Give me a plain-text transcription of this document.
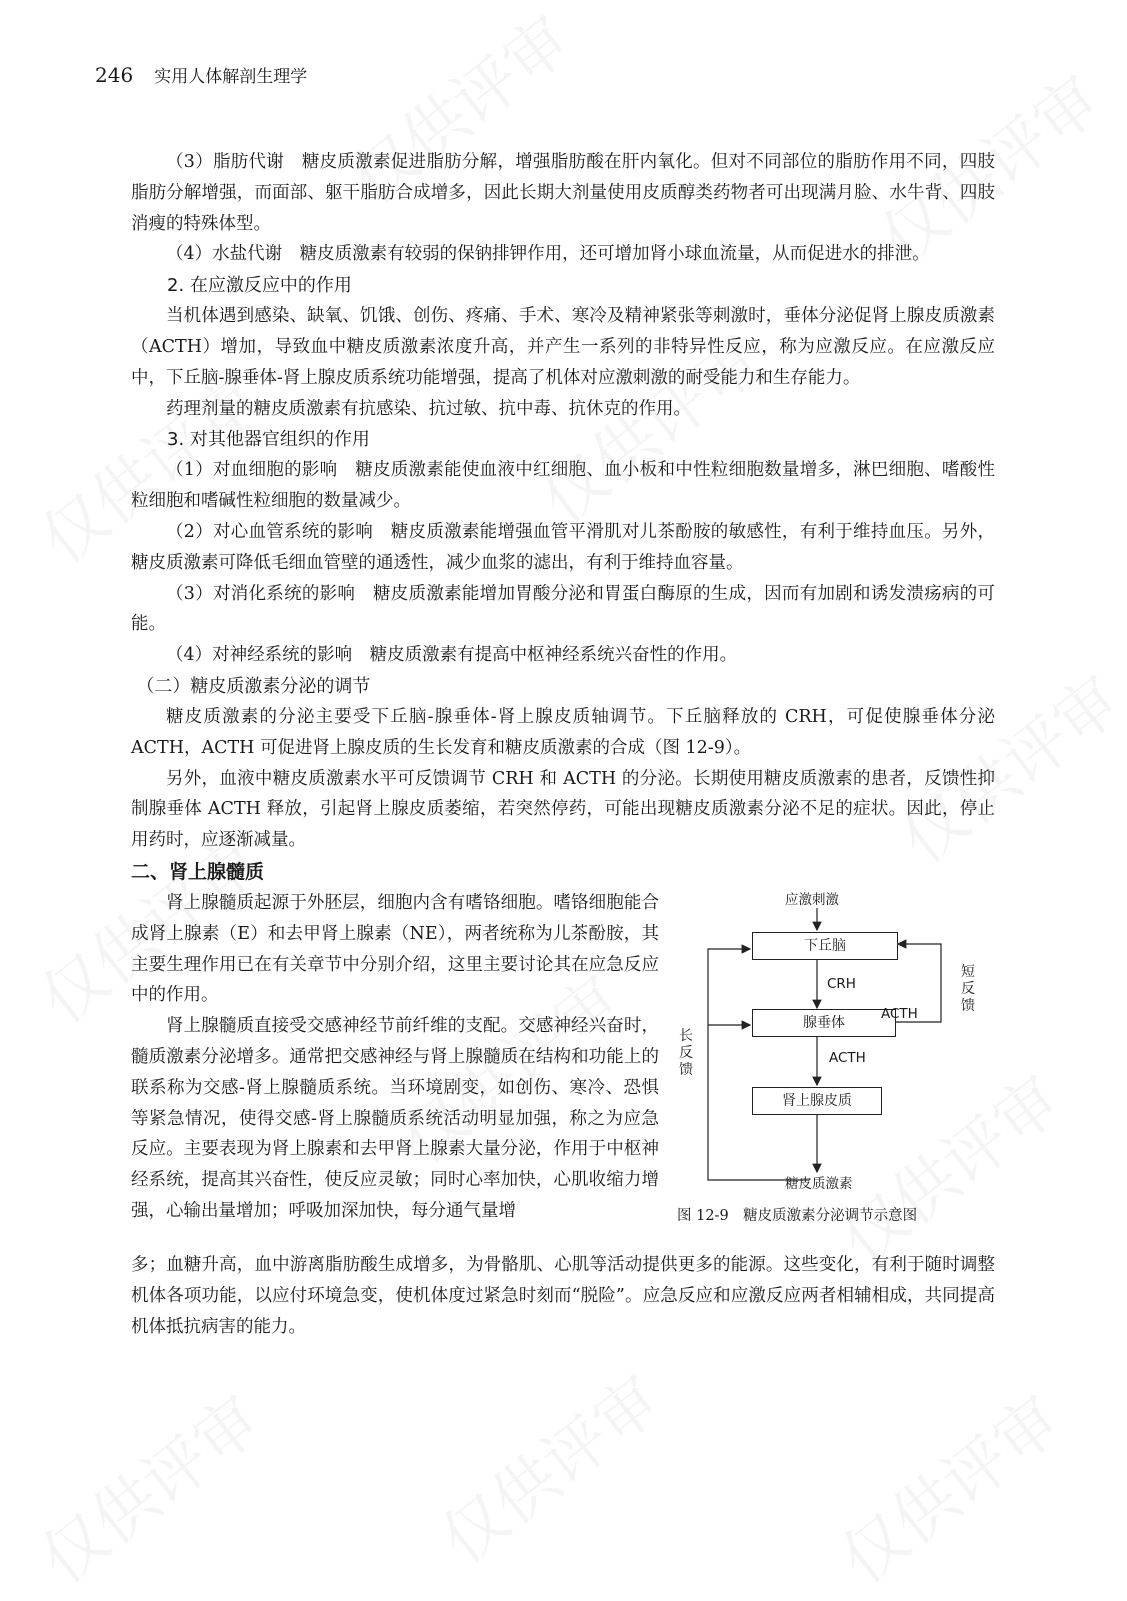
246 实用人体解剖生理学

（3）脂肪代谢　糖皮质激素促进脂肪分解，增强脂肪酸在肝内氧化。但对不同部位的脂肪作用不同，四肢脂肪分解增强，而面部、躯干脂肪合成增多，因此长期大剂量使用皮质醇类药物者可出现满月脸、水牛背、四肢消瘦的特殊体型。

（4）水盐代谢　糖皮质激素有较弱的保钠排钾作用，还可增加肾小球血流量，从而促进水的排泄。

2. 在应激反应中的作用

当机体遇到感染、缺氧、饥饿、创伤、疼痛、手术、寒冷及精神紧张等刺激时，垂体分泌促肾上腺皮质激素（ACTH）增加，导致血中糖皮质激素浓度升高，并产生一系列的非特异性反应，称为应激反应。在应激反应中，下丘脑-腺垂体-肾上腺皮质系统功能增强，提高了机体对应激刺激的耐受能力和生存能力。

药理剂量的糖皮质激素有抗感染、抗过敏、抗中毒、抗休克的作用。

3. 对其他器官组织的作用

（1）对血细胞的影响　糖皮质激素能使血液中红细胞、血小板和中性粒细胞数量增多，淋巴细胞、嗜酸性粒细胞和嗜碱性粒细胞的数量减少。

（2）对心血管系统的影响　糖皮质激素能增强血管平滑肌对儿茶酚胺的敏感性，有利于维持血压。另外，糖皮质激素可降低毛细血管壁的通透性，减少血浆的滤出，有利于维持血容量。

（3）对消化系统的影响　糖皮质激素能增加胃酸分泌和胃蛋白酶原的生成，因而有加剧和诱发溃疡病的可能。

（4）对神经系统的影响　糖皮质激素有提高中枢神经系统兴奋性的作用。

（二）糖皮质激素分泌的调节

糖皮质激素的分泌主要受下丘脑-腺垂体-肾上腺皮质轴调节。下丘脑释放的 CRH，可促使腺垂体分泌 ACTH，ACTH 可促进肾上腺皮质的生长发育和糖皮质激素的合成（图 12-9）。

另外，血液中糖皮质激素水平可反馈调节 CRH 和 ACTH 的分泌。长期使用糖皮质激素的患者，反馈性抑制腺垂体 ACTH 释放，引起肾上腺皮质萎缩，若突然停药，可能出现糖皮质激素分泌不足的症状。因此，停止用药时，应逐渐减量。

二、肾上腺髓质

肾上腺髓质起源于外胚层，细胞内含有嗜铬细胞。嗜铬细胞能合成肾上腺素（E）和去甲肾上腺素（NE），两者统称为儿茶酚胺，其主要生理作用已在有关章节中分别介绍，这里主要讨论其在应急反应中的作用。

肾上腺髓质直接受交感神经节前纤维的支配。交感神经兴奋时，髓质激素分泌增多。通常把交感神经与肾上腺髓质在结构和功能上的联系称为交感-肾上腺髓质系统。当环境剧变，如创伤、寒冷、恐惧等紧急情况，使得交感-肾上腺髓质系统活动明显加强，称之为应急反应。主要表现为肾上腺素和去甲肾上腺素大量分泌，作用于中枢神经系统，提高其兴奋性，使反应灵敏；同时心率加快，心肌收缩力增强，心输出量增加；呼吸加深加快，每分通气量增

应激刺激
下丘脑
CRH
腺垂体
ACTH
ACTH
肾上腺皮质
糖皮质激素
短反馈
长反馈
图 12-9　糖皮质激素分泌调节示意图

多；血糖升高，血中游离脂肪酸生成增多，为骨骼肌、心肌等活动提供更多的能源。这些变化，有利于随时调整机体各项功能，以应付环境急变，使机体度过紧急时刻而“脱险”。应急反应和应激反应两者相辅相成，共同提高机体抵抗病害的能力。
